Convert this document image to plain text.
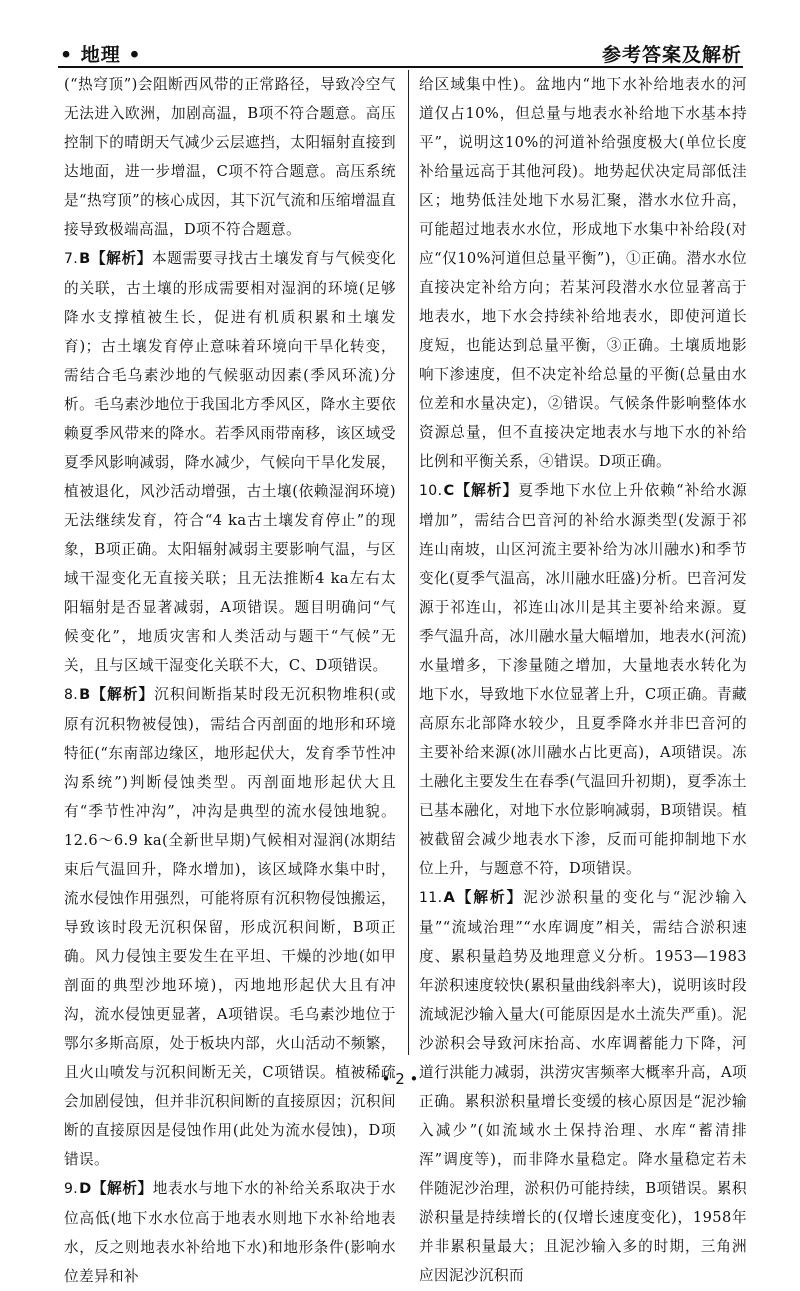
• 地理 •	参考答案及解析

(“热穹顶”)会阻断西风带的正常路径，导致冷空气无法进入欧洲，加剧高温，B项不符合题意。高压控制下的晴朗天气减少云层遮挡，太阳辐射直接到达地面，进一步增温，C项不符合题意。高压系统是“热穹顶”的核心成因，其下沉气流和压缩增温直接导致极端高温，D项不符合题意。

7.B【解析】本题需要寻找古土壤发育与气候变化的关联，古土壤的形成需要相对湿润的环境(足够降水支撑植被生长，促进有机质积累和土壤发育)；古土壤发育停止意味着环境向干旱化转变，需结合毛乌素沙地的气候驱动因素(季风环流)分析。毛乌素沙地位于我国北方季风区，降水主要依赖夏季风带来的降水。若季风雨带南移，该区域受夏季风影响减弱，降水减少，气候向干旱化发展，植被退化，风沙活动增强，古土壤(依赖湿润环境)无法继续发育，符合“4 ka古土壤发育停止”的现象，B项正确。太阳辐射减弱主要影响气温，与区域干湿变化无直接关联；且无法推断4 ka左右太阳辐射是否显著减弱，A项错误。题目明确问“气候变化”，地质灾害和人类活动与题干“气候”无关，且与区域干湿变化关联不大，C、D项错误。

8.B【解析】沉积间断指某时段无沉积物堆积(或原有沉积物被侵蚀)，需结合丙剖面的地形和环境特征(“东南部边缘区，地形起伏大，发育季节性冲沟系统”)判断侵蚀类型。丙剖面地形起伏大且有“季节性冲沟”，冲沟是典型的流水侵蚀地貌。12.6～6.9 ka(全新世早期)气候相对湿润(冰期结束后气温回升，降水增加)，该区域降水集中时，流水侵蚀作用强烈，可能将原有沉积物侵蚀搬运，导致该时段无沉积保留，形成沉积间断，B项正确。风力侵蚀主要发生在平坦、干燥的沙地(如甲剖面的典型沙地环境)，丙地地形起伏大且有冲沟，流水侵蚀更显著，A项错误。毛乌素沙地位于鄂尔多斯高原，处于板块内部，火山活动不频繁，且火山喷发与沉积间断无关，C项错误。植被稀疏会加剧侵蚀，但并非沉积间断的直接原因；沉积间断的直接原因是侵蚀作用(此处为流水侵蚀)，D项错误。

9.D【解析】地表水与地下水的补给关系取决于水位高低(地下水水位高于地表水则地下水补给地表水，反之则地表水补给地下水)和地形条件(影响水位差异和补

给区域集中性)。盆地内“地下水补给地表水的河道仅占10%，但总量与地表水补给地下水基本持平”，说明这10%的河道补给强度极大(单位长度补给量远高于其他河段)。地势起伏决定局部低洼区；地势低洼处地下水易汇聚，潜水水位升高，可能超过地表水水位，形成地下水集中补给段(对应“仅10%河道但总量平衡”)，①正确。潜水水位直接决定补给方向；若某河段潜水水位显著高于地表水，地下水会持续补给地表水，即使河道长度短，也能达到总量平衡，③正确。土壤质地影响下渗速度，但不决定补给总量的平衡(总量由水位差和水量决定)，②错误。气候条件影响整体水资源总量，但不直接决定地表水与地下水的补给比例和平衡关系，④错误。D项正确。

10.C【解析】夏季地下水位上升依赖“补给水源增加”，需结合巴音河的补给水源类型(发源于祁连山南坡，山区河流主要补给为冰川融水)和季节变化(夏季气温高，冰川融水旺盛)分析。巴音河发源于祁连山，祁连山冰川是其主要补给来源。夏季气温升高，冰川融水量大幅增加，地表水(河流)水量增多，下渗量随之增加，大量地表水转化为地下水，导致地下水位显著上升，C项正确。青藏高原东北部降水较少，且夏季降水并非巴音河的主要补给来源(冰川融水占比更高)，A项错误。冻土融化主要发生在春季(气温回升初期)，夏季冻土已基本融化，对地下水位影响减弱，B项错误。植被截留会减少地表水下渗，反而可能抑制地下水位上升，与题意不符，D项错误。

11.A【解析】泥沙淤积量的变化与“泥沙输入量”“流域治理”“水库调度”相关，需结合淤积速度、累积量趋势及地理意义分析。1953—1983年淤积速度较快(累积量曲线斜率大)，说明该时段流域泥沙输入量大(可能原因是水土流失严重)。泥沙淤积会导致河床抬高、水库调蓄能力下降，河道行洪能力减弱，洪涝灾害频率大概率升高，A项正确。累积淤积量增长变缓的核心原因是“泥沙输入减少”(如流域水土保持治理、水库“蓄清排浑”调度等)，而非降水量稳定。降水量稳定若未伴随泥沙治理，淤积仍可能持续，B项错误。累积淤积量是持续增长的(仅增长速度变化)，1958年并非累积量最大；且泥沙输入多的时期，三角洲应因泥沙沉积而

• 2 •
